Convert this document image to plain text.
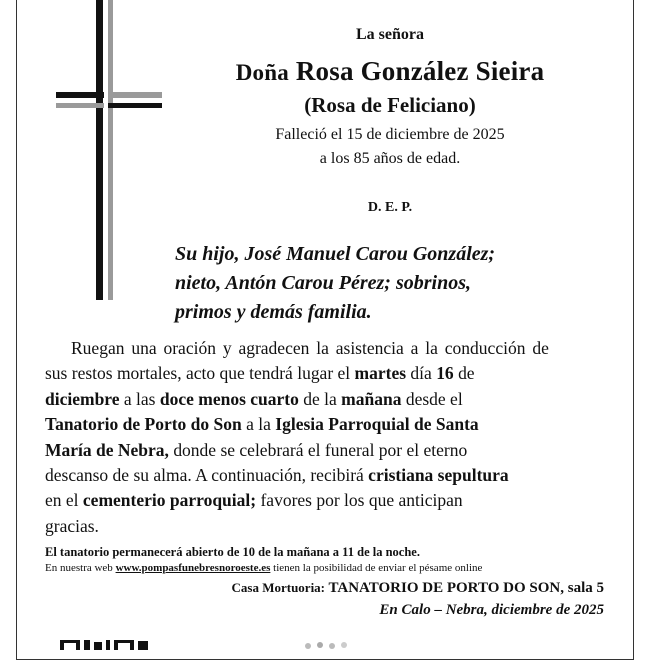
La señora
Doña Rosa González Sieira
(Rosa de Feliciano)
Falleció el 15 de diciembre de 2025
a los 85 años de edad.
D. E. P.
Su hijo, José Manuel Carou González;
nieto, Antón Carou Pérez; sobrinos,
primos y demás familia.
Ruegan una oración y agradecen la asistencia a la conducción de
sus restos mortales, acto que tendrá lugar el martes día 16 de
diciembre a las doce menos cuarto de la mañana desde el
Tanatorio de Porto do Son a la Iglesia Parroquial de Santa
María de Nebra, donde se celebrará el funeral por el eterno
descanso de su alma. A continuación, recibirá cristiana sepultura
en el cementerio parroquial; favores por los que anticipan
gracias.
El tanatorio permanecerá abierto de 10 de la mañana a 11 de la noche.
En nuestra web www.pompasfunebresnoroeste.es tienen la posibilidad de enviar el pésame online
Casa Mortuoria: TANATORIO DE PORTO DO SON, sala 5
En Calo – Nebra, diciembre de 2025
